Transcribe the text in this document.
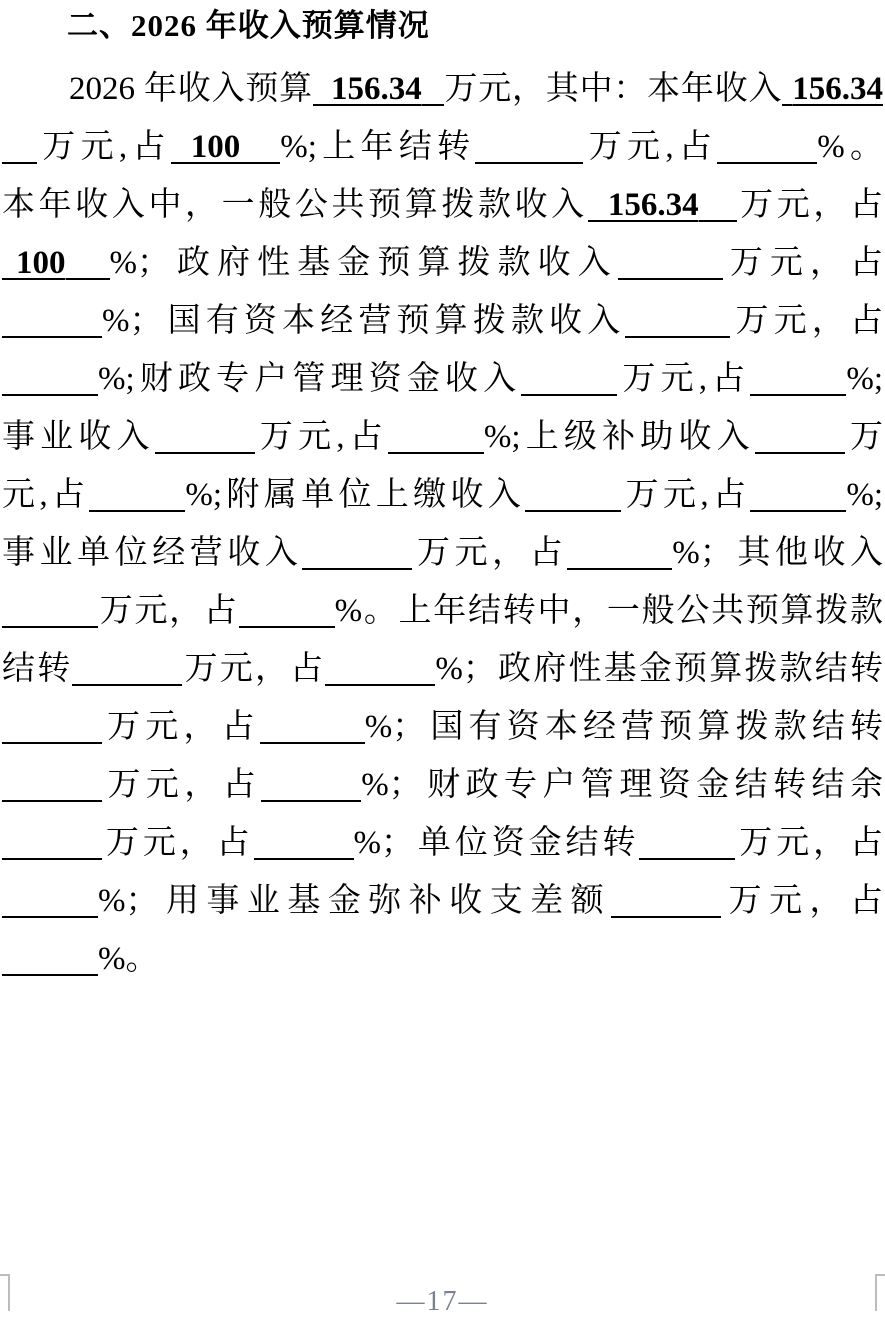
二、2026 年收入预算情况
2026 年收入预算 156.34 万元，其中：本年收入 156.34
万元,占 100 %;上年结转	万元,占	%。
本年收入中，一般公共预算拨款收入 156.34 万元，占
100 %；政府性基金预算拨款收入	万元，占
%；国有资本经营预算拨款收入	万元，占
%;财政专户管理资金收入	万元,占	%;
事业收入	万元,占	%;上级补助收入	万
元,占	%;附属单位上缴收入	万元,占	%;
事业单位经营收入	万元，占	%；其他收入
万元，占	%。上年结转中，一般公共预算拨款
结转	万元，占	%；政府性基金预算拨款结转
万元，占	%；国有资本经营预算拨款结转
万元，占	%；财政专户管理资金结转结余
万元，占	%；单位资金结转	万元，占
%；用事业基金弥补收支差额	万元，占
%。
—17—
